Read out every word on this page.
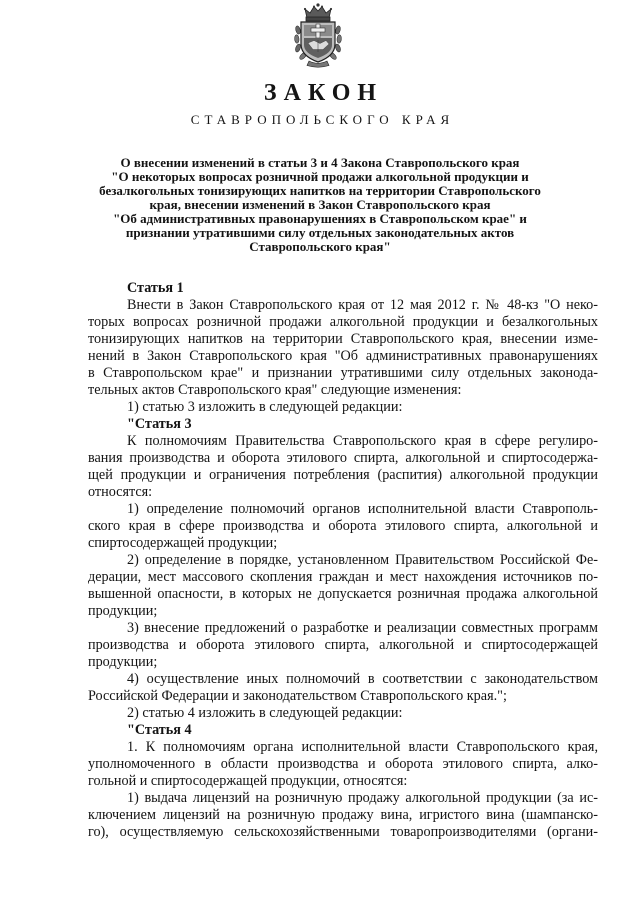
ЗАКОН
СТАВРОПОЛЬСКОГО КРАЯ
О внесении изменений в статьи 3 и 4 Закона Ставропольского края
"О некоторых вопросах розничной продажи алкогольной продукции и
безалкогольных тонизирующих напитков на территории Ставропольского
края, внесении изменений в Закон Ставропольского края
"Об административных правонарушениях в Ставропольском крае" и
признании утратившими силу отдельных законодательных актов
Ставропольского края"
Статья 1
Внести в Закон Ставропольского края от 12 мая 2012 г. № 48-кз "О неко-
торых вопросах розничной продажи алкогольной продукции и безалкогольных
тонизирующих напитков на территории Ставропольского края, внесении изме-
нений в Закон Ставропольского края "Об административных правонарушениях
в Ставропольском крае" и признании утратившими силу отдельных законода-
тельных актов Ставропольского края" следующие изменения:
1) статью 3 изложить в следующей редакции:
"Статья 3
К полномочиям Правительства Ставропольского края в сфере регулиро-
вания производства и оборота этилового спирта, алкогольной и спиртосодержа-
щей продукции и ограничения потребления (распития) алкогольной продукции
относятся:
1) определение полномочий органов исполнительной власти Ставрополь-
ского края в сфере производства и оборота этилового спирта, алкогольной и
спиртосодержащей продукции;
2) определение в порядке, установленном Правительством Российской Фе-
дерации, мест массового скопления граждан и мест нахождения источников по-
вышенной опасности, в которых не допускается розничная продажа алкогольной
продукции;
3) внесение предложений о разработке и реализации совместных программ
производства и оборота этилового спирта, алкогольной и спиртосодержащей
продукции;
4) осуществление иных полномочий в соответствии с законодательством
Российской Федерации и законодательством Ставропольского края.";
2) статью 4 изложить в следующей редакции:
"Статья 4
1. К полномочиям органа исполнительной власти Ставропольского края,
уполномоченного в области производства и оборота этилового спирта, алко-
гольной и спиртосодержащей продукции, относятся:
1) выдача лицензий на розничную продажу алкогольной продукции (за ис-
ключением лицензий на розничную продажу вина, игристого вина (шампанско-
го), осуществляемую сельскохозяйственными товаропроизводителями (органи-
